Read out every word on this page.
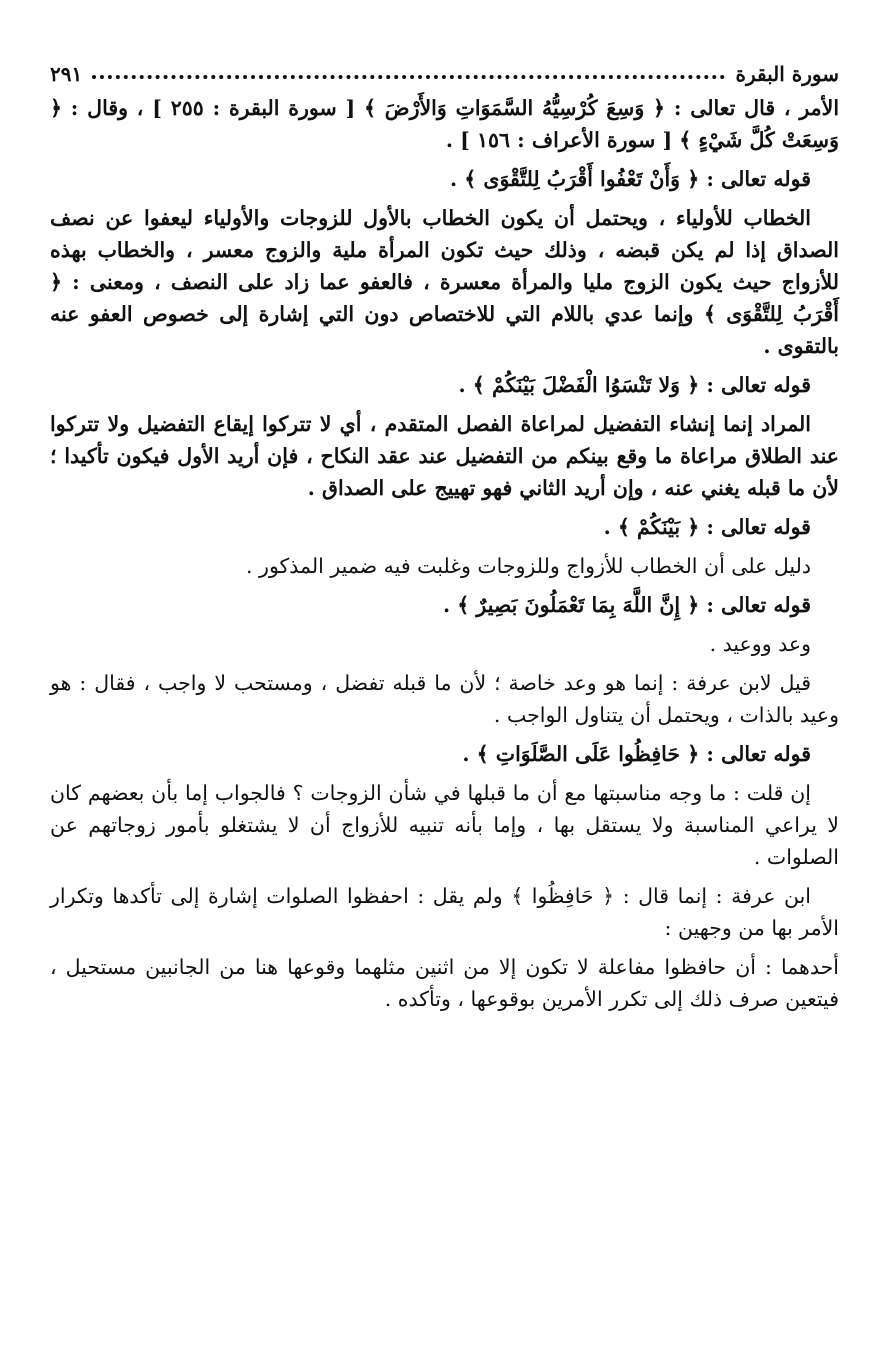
سورة البقرة
٢٩١

الأمر ، قال تعالى : ﴿ وَسِعَ كُرْسِيُّهُ السَّمَوَاتِ وَالأَرْضَ ﴾ [ سورة البقرة : ٢٥٥ ] ، وقال : ﴿ وَسِعَتْ كُلَّ شَيْءٍ ﴾ [ سورة الأعراف : ١٥٦ ] .

قوله تعالى : ﴿ وَأَنْ تَعْفُوا أَقْرَبُ لِلتَّقْوَى ﴾ .

الخطاب للأولياء ، ويحتمل أن يكون الخطاب بالأول للزوجات والأولياء ليعفوا عن نصف الصداق إذا لم يكن قبضه ، وذلك حيث تكون المرأة ملية والزوج معسر ، والخطاب بهذه للأزواج حيث يكون الزوج مليا والمرأة معسرة ، فالعفو عما زاد على النصف ، ومعنى : ﴿ أَقْرَبُ لِلتَّقْوَى ﴾ وإنما عدي باللام التي للاختصاص دون التي إشارة إلى خصوص العفو عنه بالتقوى .

قوله تعالى : ﴿ وَلا تَنْسَوُا الْفَضْلَ بَيْنَكُمْ ﴾ .

المراد إنما إنشاء التفضيل لمراعاة الفصل المتقدم ، أي لا تتركوا إيقاع التفضيل ولا تتركوا عند الطلاق مراعاة ما وقع بينكم من التفضيل عند عقد النكاح ، فإن أريد الأول فيكون تأكيدا ؛ لأن ما قبله يغني عنه ، وإن أريد الثاني فهو تهييج على الصداق .

قوله تعالى : ﴿ بَيْنَكُمْ ﴾ .

دليل على أن الخطاب للأزواج وللزوجات وغلبت فيه ضمير المذكور .

قوله تعالى : ﴿ إِنَّ اللَّهَ بِمَا تَعْمَلُونَ بَصِيرٌ ﴾ .

وعد ووعيد .

قيل لابن عرفة : إنما هو وعد خاصة ؛ لأن ما قبله تفضل ، ومستحب لا واجب ، فقال : هو وعيد بالذات ، ويحتمل أن يتناول الواجب .

قوله تعالى : ﴿ حَافِظُوا عَلَى الصَّلَوَاتِ ﴾ .

إن قلت : ما وجه مناسبتها مع أن ما قبلها في شأن الزوجات ؟ فالجواب إما بأن بعضهم كان لا يراعي المناسبة ولا يستقل بها ، وإما بأنه تنبيه للأزواج أن لا يشتغلو بأمور زوجاتهم عن الصلوات .

ابن عرفة : إنما قال : ﴿ حَافِظُوا ﴾ ولم يقل : احفظوا الصلوات إشارة إلى تأكدها وتكرار الأمر بها من وجهين :

أحدهما : أن حافظوا مفاعلة لا تكون إلا من اثنين مثلهما وقوعها هنا من الجانبين مستحيل ، فيتعين صرف ذلك إلى تكرر الأمرين بوقوعها ، وتأكده .
